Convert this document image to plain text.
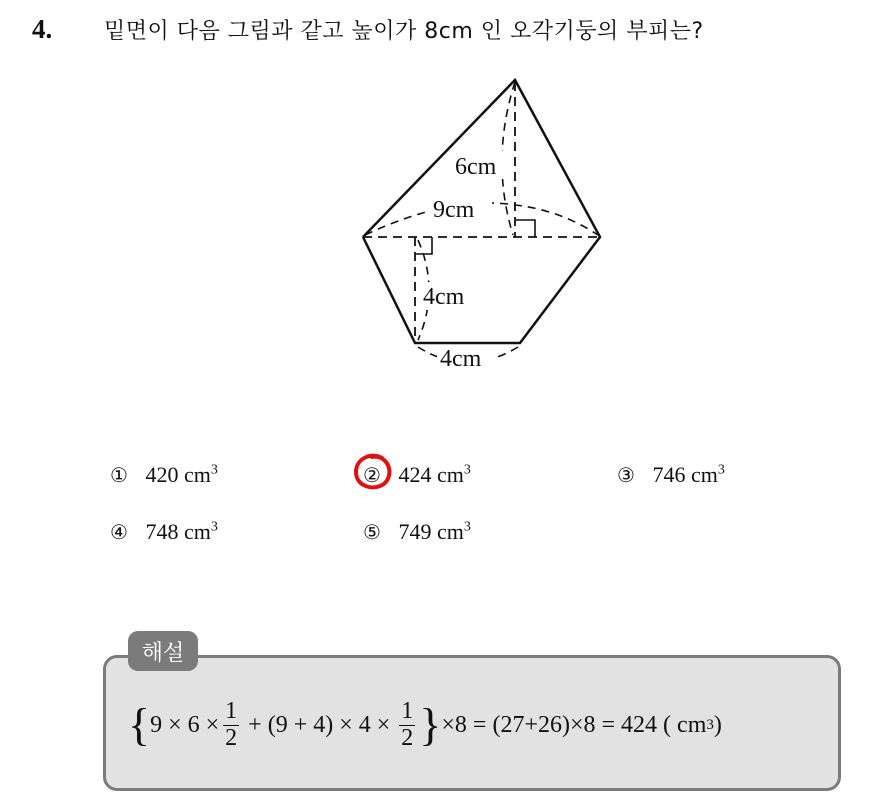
4. 밑면이 다음 그림과 같고 높이가 8cm 인 오각기둥의 부피는?
6cm
9cm
4cm
4cm
① 420 $cm^3$	② 424 $cm^3$	③ 746 $cm^3$
④ 748 $cm^3$	⑤ 749 $cm^3$
해설
{ $9 \times 6 \times \frac{1}{2} + (9 + 4) \times 4 \times \frac{1}{2}$ } ×8 = (27+26)×8 = 424 ( cm 3 )
